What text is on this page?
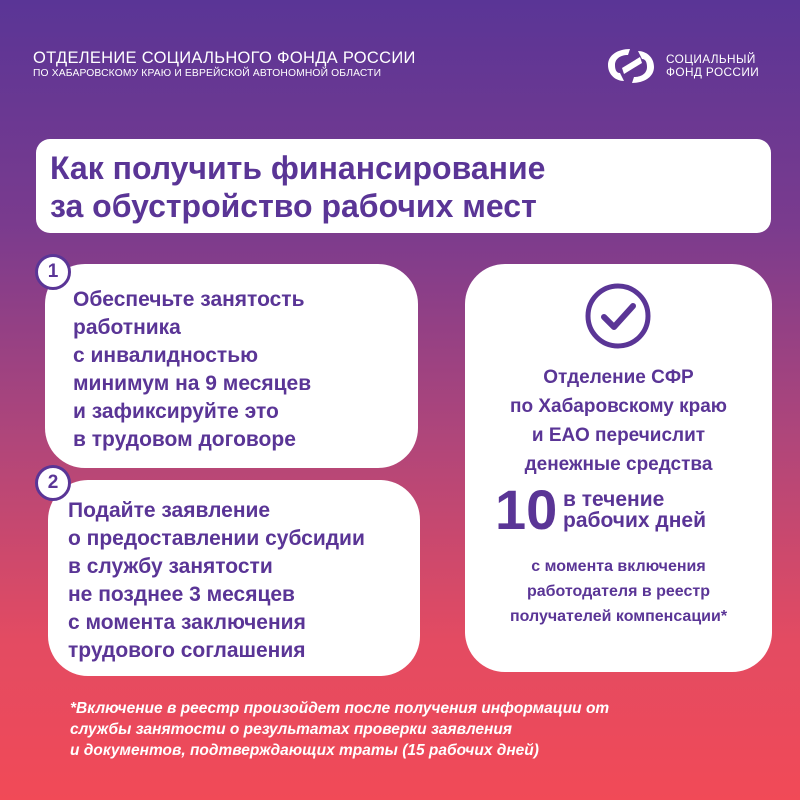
ОТДЕЛЕНИЕ СОЦИАЛЬНОГО ФОНДА РОССИИ
ПО ХАБАРОВСКОМУ КРАЮ И ЕВРЕЙСКОЙ АВТОНОМНОЙ ОБЛАСТИ
СОЦИАЛЬНЫЙ
ФОНД РОССИИ
Как получить финансирование
за обустройство рабочих мест
1
Обеспечьте занятость
работника
с инвалидностью
минимум на 9 месяцев
и зафиксируйте это
в трудовом договоре
2
Подайте заявление
о предоставлении субсидии
в службу занятости
не позднее 3 месяцев
с момента заключения
трудового соглашения
Отделение СФР
по Хабаровскому краю
и ЕАО перечислит
денежные средства
10 в течение
рабочих дней
с момента включения
работодателя в реестр
получателей компенсации*
*Включение в реестр произойдет после получения информации от
службы занятости о результатах проверки заявления
и документов, подтверждающих траты (15 рабочих дней)
